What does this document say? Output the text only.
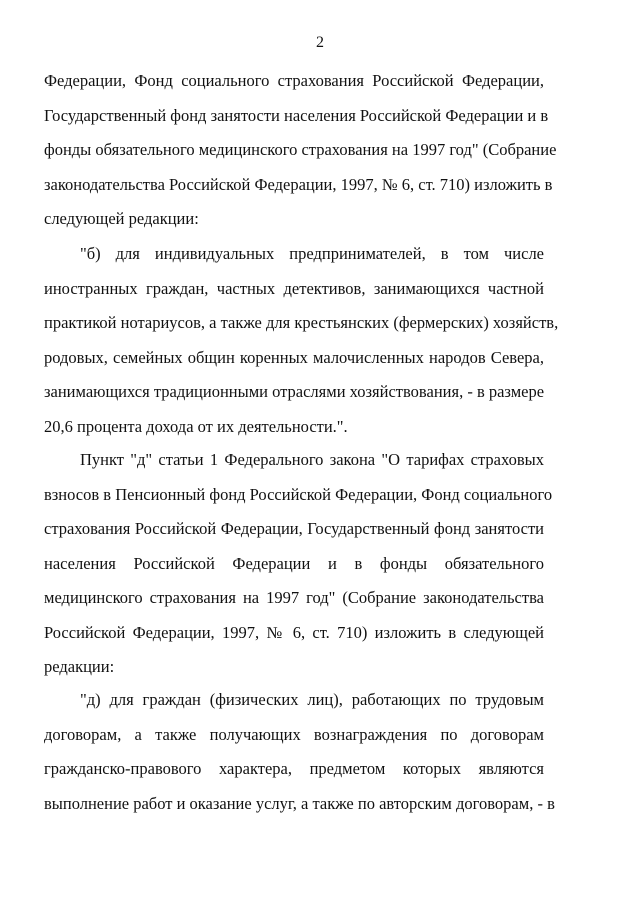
2
Федерации, Фонд социального страхования Российской Федерации,
Государственный фонд занятости населения Российской Федерации и в
фонды обязательного медицинского страхования на 1997 год" (Собрание
законодательства Российской Федерации, 1997, № 6, ст. 710) изложить в
следующей редакции:
"б) для индивидуальных предпринимателей, в том числе
иностранных граждан, частных детективов, занимающихся частной
практикой нотариусов, а также для крестьянских (фермерских) хозяйств,
родовых, семейных общин коренных малочисленных народов Севера,
занимающихся традиционными отраслями хозяйствования, - в размере
20,6 процента дохода от их деятельности.".
Пункт "д" статьи 1 Федерального закона "О тарифах страховых
взносов в Пенсионный фонд Российской Федерации, Фонд социального
страхования Российской Федерации, Государственный фонд занятости
населения Российской Федерации и в фонды обязательного
медицинского страхования на 1997 год" (Собрание законодательства
Российской Федерации, 1997, № 6, ст. 710) изложить в следующей
редакции:
"д) для граждан (физических лиц), работающих по трудовым
договорам, а также получающих вознаграждения по договорам
гражданско-правового характера, предметом которых являются
выполнение работ и оказание услуг, а также по авторским договорам, - в
